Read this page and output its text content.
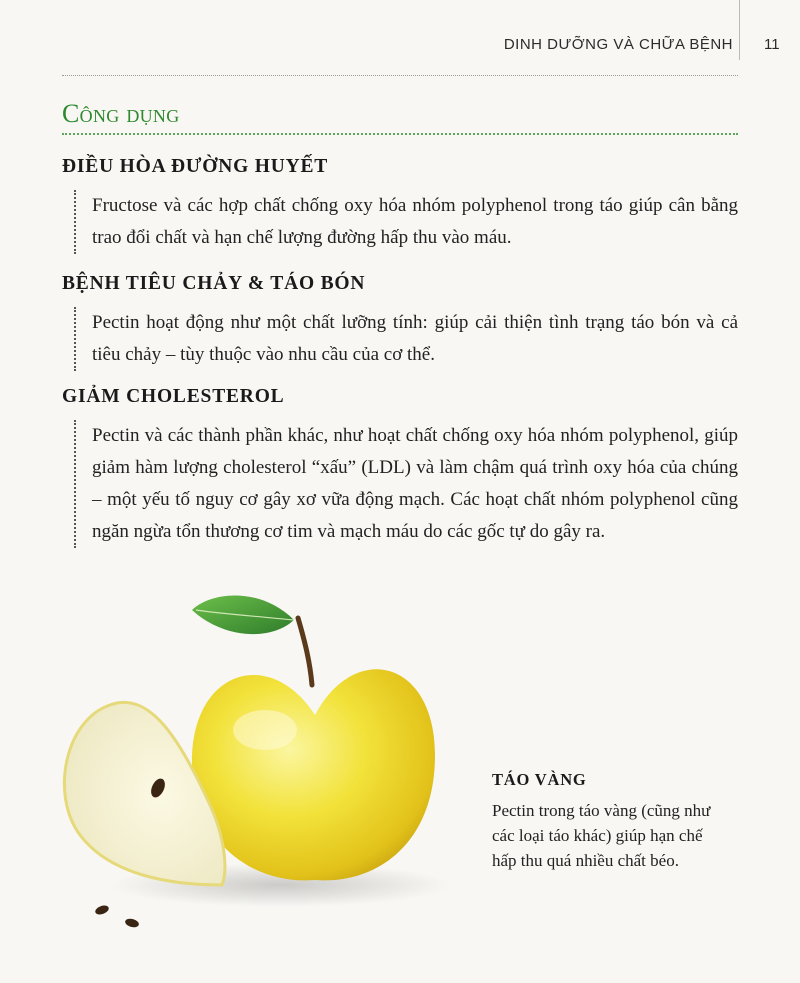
DINH DƯỠNG VÀ CHỮA BỆNH 11
Công dụng
ĐIỀU HÒA ĐƯỜNG HUYẾT
Fructose và các hợp chất chống oxy hóa nhóm polyphenol trong táo giúp cân bằng trao đổi chất và hạn chế lượng đường hấp thu vào máu.
BỆNH TIÊU CHẢY & TÁO BÓN
Pectin hoạt động như một chất lưỡng tính: giúp cải thiện tình trạng táo bón và cả tiêu chảy – tùy thuộc vào nhu cầu của cơ thể.
GIẢM CHOLESTEROL
Pectin và các thành phần khác, như hoạt chất chống oxy hóa nhóm polyphenol, giúp giảm hàm lượng cholesterol “xấu” (LDL) và làm chậm quá trình oxy hóa của chúng – một yếu tố nguy cơ gây xơ vữa động mạch. Các hoạt chất nhóm polyphenol cũng ngăn ngừa tổn thương cơ tim và mạch máu do các gốc tự do gây ra.
TÁO VÀNG
Pectin trong táo vàng (cũng như các loại táo khác) giúp hạn chế hấp thu quá nhiều chất béo.
